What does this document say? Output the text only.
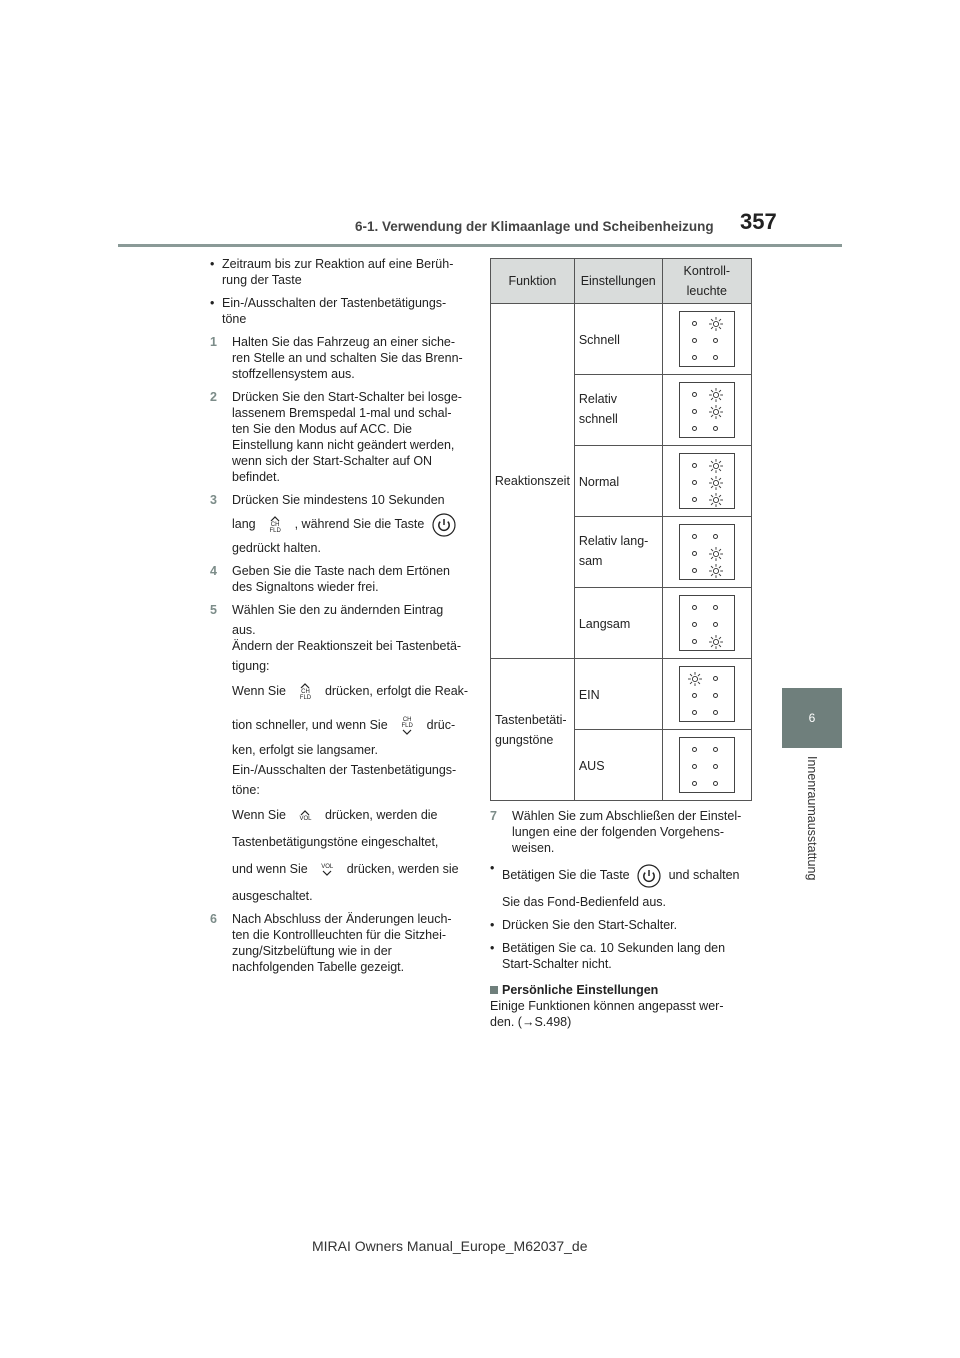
6-1. Verwendung der Klimaanlage und Scheibenheizung 357
6
Innenraumausstattung
• Zeitraum bis zur Reaktion auf eine Berüh-
rung der Taste
• Ein-/Ausschalten der Tastenbetätigungs-
töne
1 Halten Sie das Fahrzeug an einer siche-
ren Stelle an und schalten Sie das Brenn-
stoffzellensystem aus.
2 Drücken Sie den Start-Schalter bei losge-
lassenem Bremspedal 1-mal und schal-
ten Sie den Modus auf ACC. Die
Einstellung kann nicht geändert werden,
wenn sich der Start-Schalter auf ON
befindet.
3 Drücken Sie mindestens 10 Sekunden
lang	CH FLD , während Sie die Taste
gedrückt halten.
4 Geben Sie die Taste nach dem Ertönen
des Signaltons wieder frei.
5 Wählen Sie den zu ändernden Eintrag
aus.
Ändern der Reaktionszeit bei Tastenbetä-
tigung:
Wenn Sie	CH FLD drücken, erfolgt die Reak-
tion schneller, und wenn Sie	CH FLD drüc-
ken, erfolgt sie langsamer.
Ein-/Ausschalten der Tastenbetätigungs-
töne:
Wenn Sie VOL drücken, werden die
Tastenbetätigungstöne eingeschaltet,
und wenn Sie VOL drücken, werden sie
ausgeschaltet.
6 Nach Abschluss der Änderungen leuch-
ten die Kontrollleuchten für die Sitzhei-
zung/Sitzbelüftung wie in der
nachfolgenden Tabelle gezeigt.
Funktion	Einstellungen	Kontroll-
leuchte

Reaktionszeit	Schnell

	Relativ
schnell

	Normal

	Relativ lang-
sam

	Langsam

Tastenbetäti-
gungstöne	EIN

	AUS	

7 Wählen Sie zum Abschließen der Einstel-
lungen eine der folgenden Vorgehens-
weisen.
• Betätigen Sie die Taste	und schalten
Sie das Fond-Bedienfeld aus.
• Drücken Sie den Start-Schalter.
• Betätigen Sie ca. 10 Sekunden lang den
Start-Schalter nicht.
Persönliche Einstellungen
Einige Funktionen können angepasst wer-
den. (→S.498)
MIRAI Owners Manual_Europe_M62037_de
